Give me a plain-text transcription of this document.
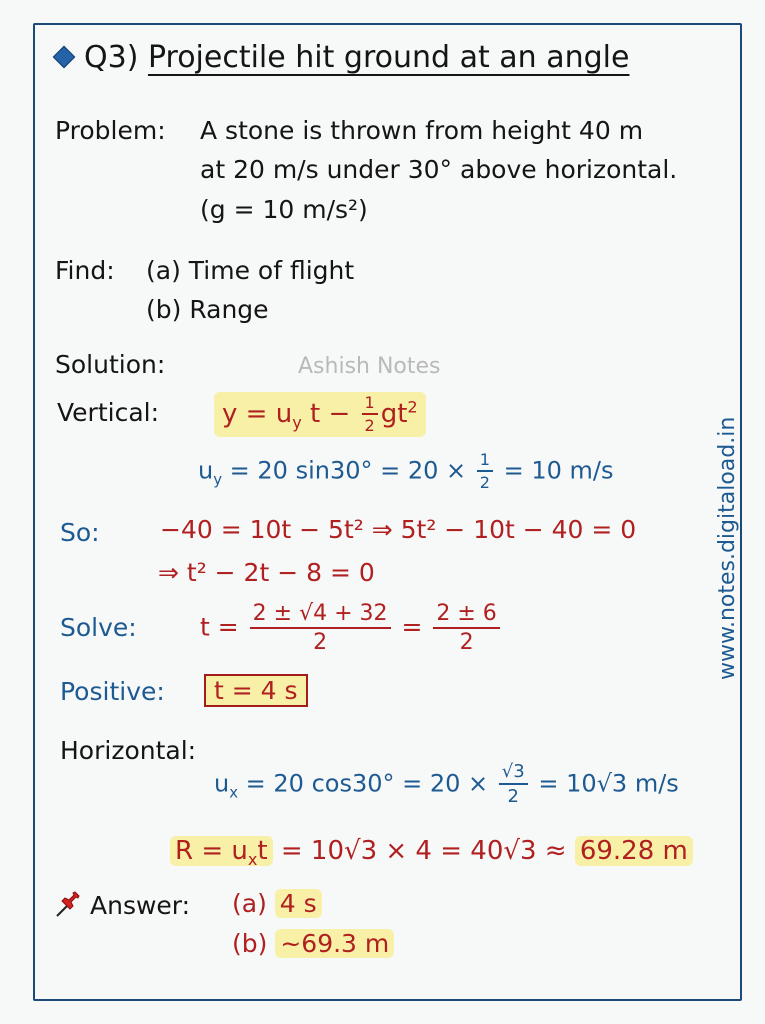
Q3) Projectile hit ground at an angle
Problem: A stone is thrown from height 40 m
at 20 m/s under 30° above horizontal.
(g = 10 m/s²)
Find: (a) Time of flight
(b) Range
Solution:	Ashish Notes
Vertical:	$y = u_y$ $t - \frac{1}{2} gt^2$
$u_y = 20$ $\sin 30^\circ = 20 \times \frac{1}{2} = 10$ m/s
So: −40 = 10t − 5t² ⇒ 5t² − 10t − 40 = 0
⇒ t² − 2t − 8 = 0
Solve:	$t = \frac{2 \pm √4 + 32}{2} = \frac{2 \pm 6}{2}$
Positive:	t = 4 s
Horizontal:
$u_x = 20$ $\cos 30^\circ = 20 \times \frac{√3}{2} = 10√3$ m/s
$R = u_xt = 10√3 \times 4 = 40√3 \approx 69.28$ m
Answer: (a) 4 s
(b) ~69.3 m
www.notes.digitaload.in
